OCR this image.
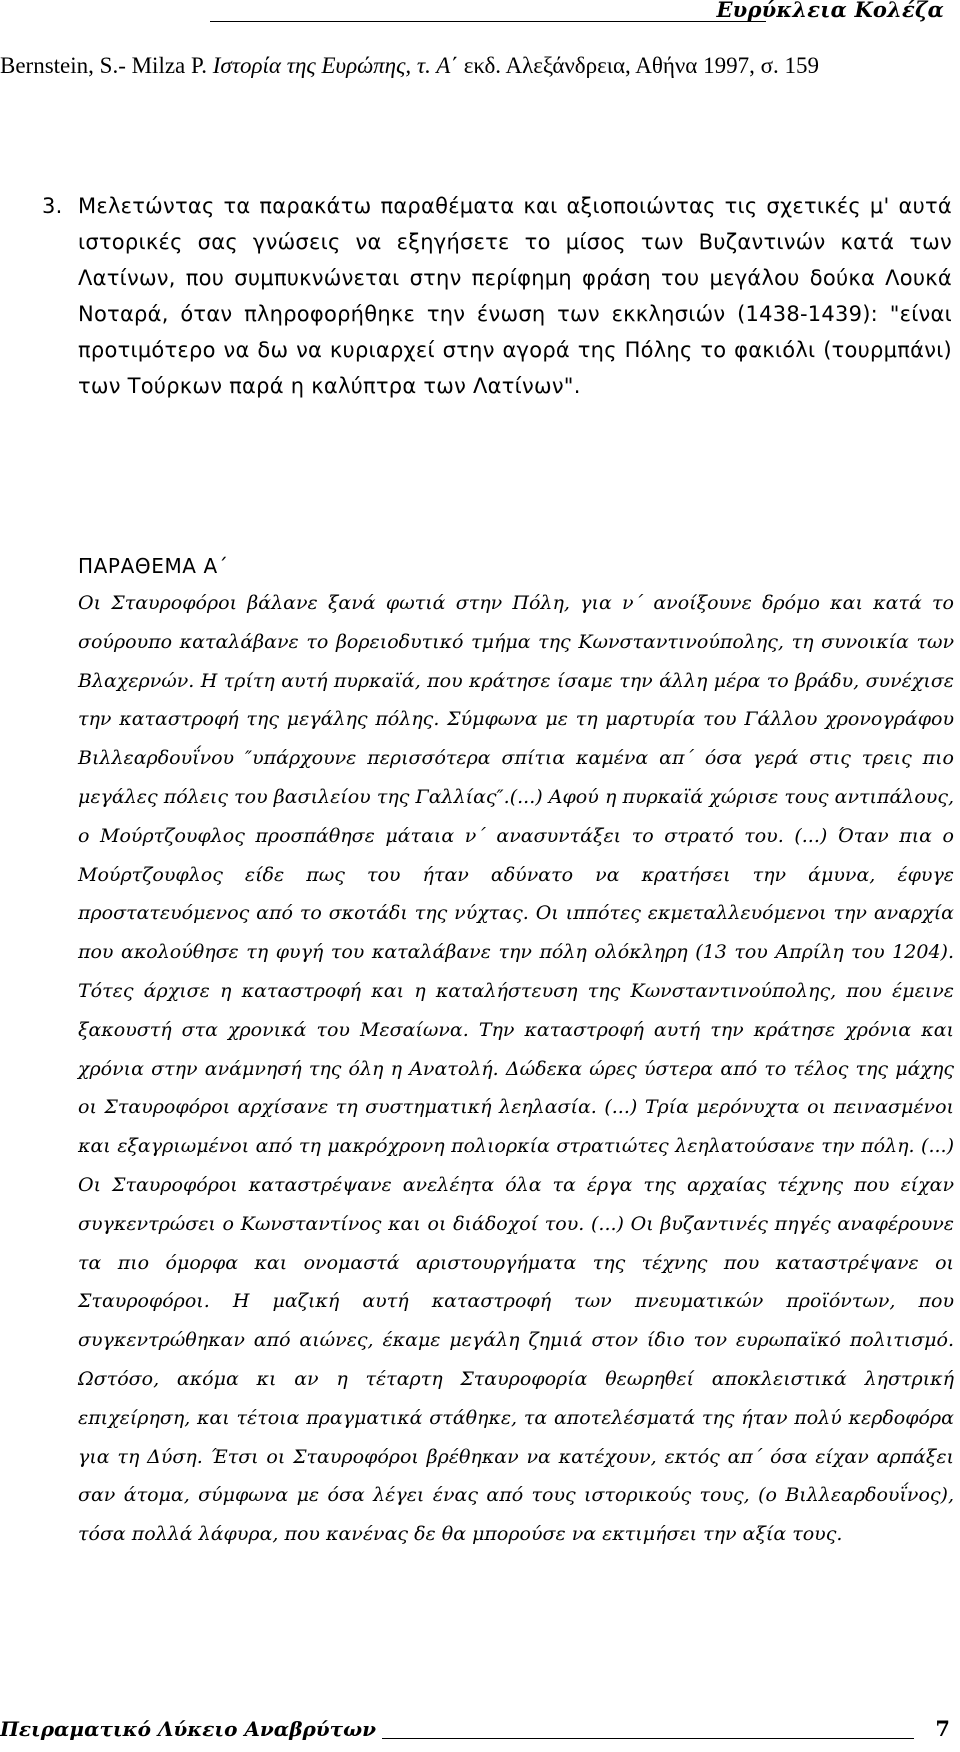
Ευρύκλεια Κολέζα
Bernstein, S.- Milza P. Ιστορία της Ευρώπης, τ. Α΄ εκδ. Αλεξάνδρεια, Αθήνα 1997, σ. 159
3. Μελετώντας τα παρακάτω παραθέματα και αξιοποιώντας τις σχετικές μ' αυτά ιστορικές σας γνώσεις να εξηγήσετε το μίσος των Βυζαντινών κατά των Λατίνων, που συμπυκνώνεται στην περίφημη φράση του μεγάλου δούκα Λουκά Νοταρά, όταν πληροφορήθηκε την ένωση των εκκλησιών (1438-1439): "είναι προτιμότερο να δω να κυριαρχεί στην αγορά της Πόλης το φακιόλι (τουρμπάνι) των Τούρκων παρά η καλύπτρα των Λατίνων".
ΠΑΡΑΘΕΜΑ Α΄

Οι Σταυροφόροι βάλανε ξανά φωτιά στην Πόλη, για ν΄ ανοίξουνε δρόμο και κατά το σούρουπο καταλάβανε το βορειοδυτικό τμήμα της Κωνσταντινούπολης, τη συνοικία των Βλαχερνών. Η τρίτη αυτή πυρκαϊά, που κράτησε ίσαμε την άλλη μέρα το βράδυ, συνέχισε την καταστροφή της μεγάλης πόλης. Σύμφωνα με τη μαρτυρία του Γάλλου χρονογράφου Βιλλεαρδουΐνου ″υπάρχουνε περισσότερα σπίτια καμένα απ΄ όσα γερά στις τρεις πιο μεγάλες πόλεις του βασιλείου της Γαλλίας″.(...) Αφού η πυρκαϊά χώρισε τους αντιπάλους, ο Μούρτζουφλος προσπάθησε μάταια ν΄ ανασυντάξει το στρατό του. (...) Όταν πια ο Μούρτζουφλος είδε πως του ήταν αδύνατο να κρατήσει την άμυνα, έφυγε προστατευόμενος από το σκοτάδι της νύχτας. Οι ιππότες εκμεταλλευόμενοι την αναρχία που ακολούθησε τη φυγή του καταλάβανε την πόλη ολόκληρη (13 του Απρίλη του 1204). Τότες άρχισε η καταστροφή και η καταλήστευση της Κωνσταντινούπολης, που έμεινε ξακουστή στα χρονικά του Μεσαίωνα. Την καταστροφή αυτή την κράτησε χρόνια και χρόνια στην ανάμνησή της όλη η Ανατολή. Δώδεκα ώρες ύστερα από το τέλος της μάχης οι Σταυροφόροι αρχίσανε τη συστηματική λεηλασία. (...) Τρία μερόνυχτα οι πεινασμένοι και εξαγριωμένοι από τη μακρόχρονη πολιορκία στρατιώτες λεηλατούσανε την πόλη. (...)

Οι Σταυροφόροι καταστρέψανε ανελέητα όλα τα έργα της αρχαίας τέχνης που είχαν συγκεντρώσει ο Κωνσταντίνος και οι διάδοχοί του. (...) Οι βυζαντινές πηγές αναφέρουνε τα πιο όμορφα και ονομαστά αριστουργήματα της τέχνης που καταστρέψανε οι Σταυροφόροι. Η μαζική αυτή καταστροφή των πνευματικών προϊόντων, που συγκεντρώθηκαν από αιώνες, έκαμε μεγάλη ζημιά στον ίδιο τον ευρωπαϊκό πολιτισμό. Ωστόσο, ακόμα κι αν η τέταρτη Σταυροφορία θεωρηθεί αποκλειστικά ληστρική επιχείρηση, και τέτοια πραγματικά στάθηκε, τα αποτελέσματά της ήταν πολύ κερδοφόρα για τη Δύση. Έτσι οι Σταυροφόροι βρέθηκαν να κατέχουν, εκτός απ΄ όσα είχαν αρπάξει σαν άτομα, σύμφωνα με όσα λέγει ένας από τους ιστορικούς τους, (ο Βιλλεαρδουΐνος), τόσα πολλά λάφυρα, που κανένας δε θα μπορούσε να εκτιμήσει την αξία τους.

Πειραματικό Λύκειο Αναβρύτων	7
